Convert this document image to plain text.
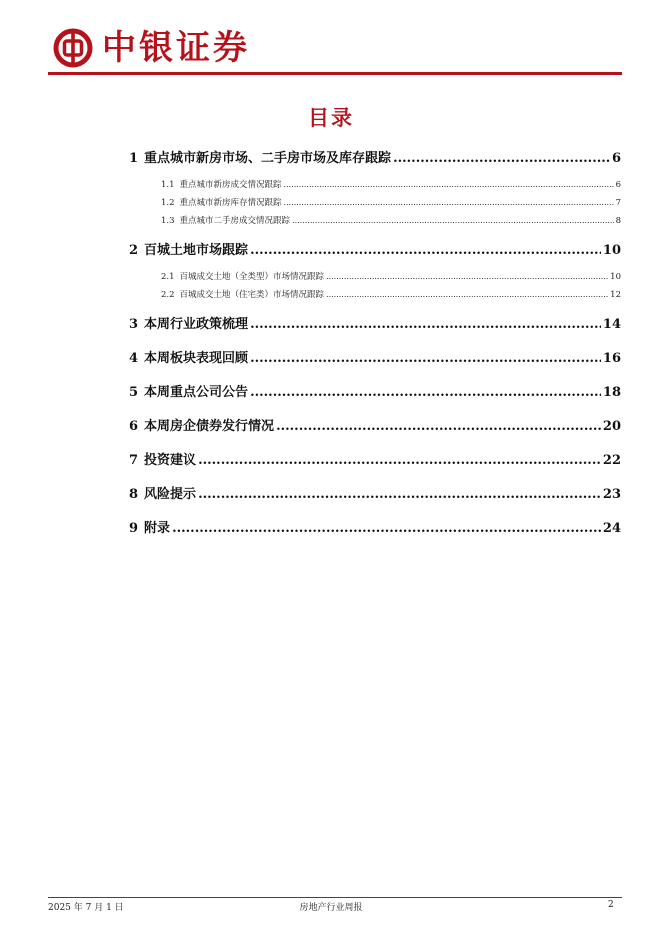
中银证券
目录
1 重点城市新房市场、二手房市场及库存跟踪 .....	6
1.1 重点城市新房成交情况跟踪 .....	6
1.2 重点城市新房库存情况跟踪 .....	7
1.3 重点城市二手房成交情况跟踪 .....	8
2 百城土地市场跟踪 .....	10
2.1 百城成交土地（全类型）市场情况跟踪 .....	10
2.2 百城成交土地（住宅类）市场情况跟踪 .....	12
3 本周行业政策梳理 .....	14
4 本周板块表现回顾 .....	16
5 本周重点公司公告 .....	18
6 本周房企债券发行情况 .....	20
7 投资建议 .....	22
8 风险提示 .....	23
9 附录 .....	24
2025 年 7 月 1 日	房地产行业周报	2
